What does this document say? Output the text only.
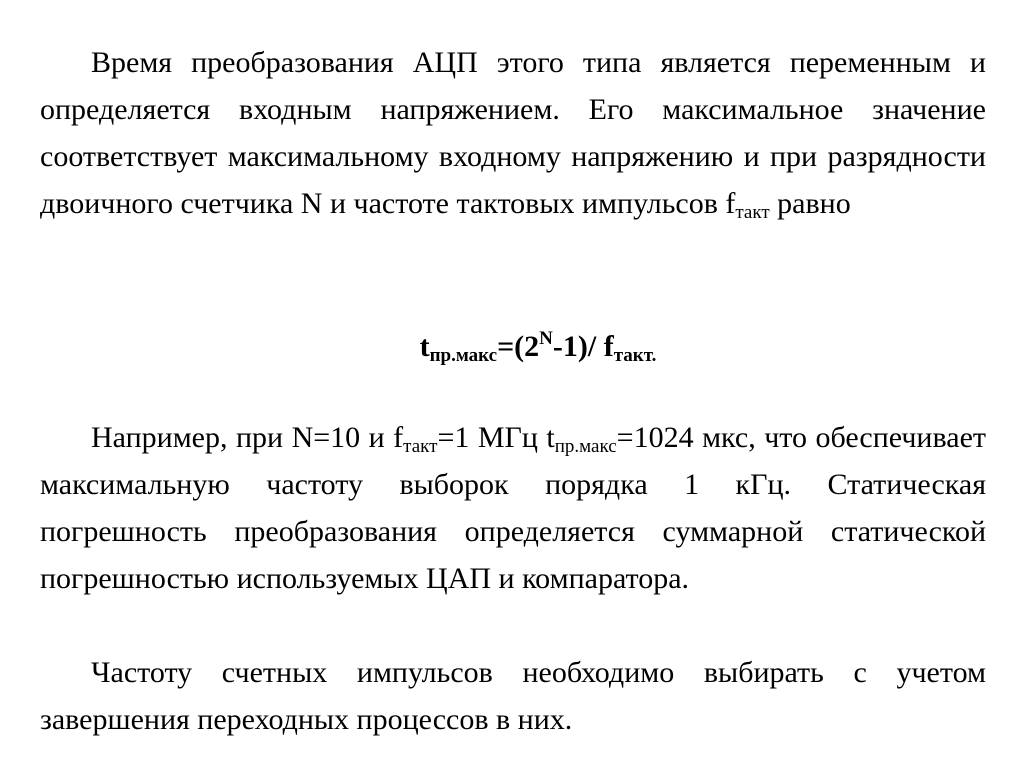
Время преобразования АЦП этого типа является переменным и определяется входным напряжением. Его максимальное значение соответствует максимальному входному напряжению и при разрядности двоичного счетчика N и частоте тактовых импульсов $f_{такт}$ равно

$t_{пр.макс}=(2^N-1)/$ $f_{такт.}$

Например, при N=10 и $f_{такт}=1$ МГц $t_{пр.макс}=1024$ мкс, что обеспечивает максимальную частоту выборок порядка 1 кГц. Статическая погрешность преобразования определяется суммарной статической погрешностью используемых ЦАП и компаратора.

Частоту счетных импульсов необходимо выбирать с учетом завершения переходных процессов в них.
